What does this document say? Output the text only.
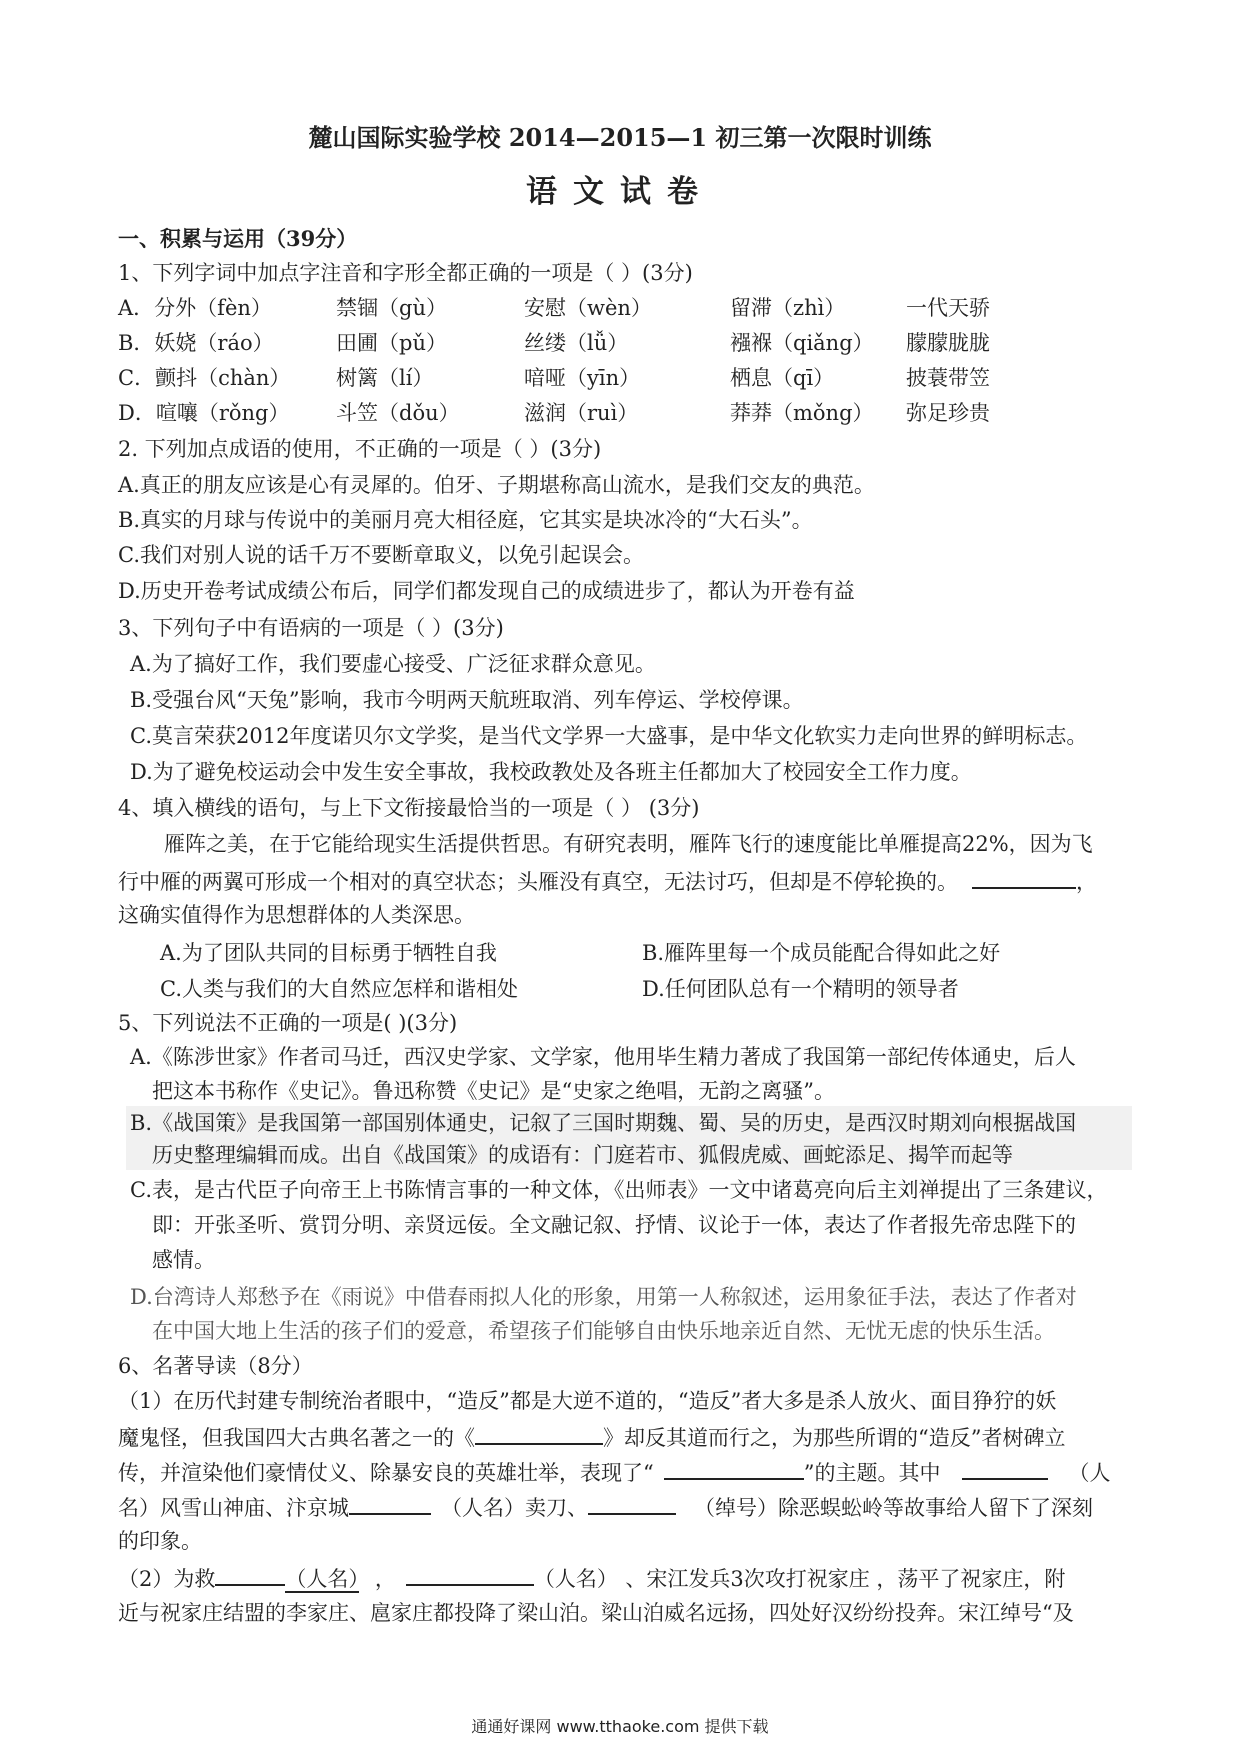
麓山国际实验学校 2014—2015—1 初三第一次限时训练
语文试卷
一、积累与运用（39分）
1、下列字词中加点字注音和字形全都正确的一项是（ ）(3分)
A．分外（fèn）	禁锢（gù）	安慰（wèn）	留滞（zhì）	一代天骄
B．妖娆（ráo）	田圃（pǔ）	丝缕（lǚ）	襁褓（qiǎng） 朦朦胧胧
C．颤抖（chàn） 树篱（lí）	喑哑（yīn）	栖息（qī）	披蓑带笠
D．喧嚷（rǒng） 斗笠（dǒu）	滋润（ruì）	莽莽（mǒng） 弥足珍贵
2. 下列加点成语的使用，不正确的一项是（ ）(3分)
A.真正的朋友应该是心有灵犀的。伯牙、子期堪称高山流水，是我们交友的典范。
B.真实的月球与传说中的美丽月亮大相径庭，它其实是块冰冷的“大石头”。
C.我们对别人说的话千万不要断章取义，以免引起误会。
D.历史开卷考试成绩公布后，同学们都发现自己的成绩进步了，都认为开卷有益
3、下列句子中有语病的一项是（ ）(3分)
A.为了搞好工作，我们要虚心接受、广泛征求群众意见。
B.受强台风“天兔”影响，我市今明两天航班取消、列车停运、学校停课。
C.莫言荣获2012年度诺贝尔文学奖，是当代文学界一大盛事，是中华文化软实力走向世界的鲜明标志。
D.为了避免校运动会中发生安全事故，我校政教处及各班主任都加大了校园安全工作力度。
4、填入横线的语句，与上下文衔接最恰当的一项是（ ） (3分)
雁阵之美，在于它能给现实生活提供哲思。有研究表明，雁阵飞行的速度能比单雁提高22%，因为飞
行中雁的两翼可形成一个相对的真空状态；头雁没有真空，无法讨巧，但却是不停轮换的。	，
这确实值得作为思想群体的人类深思。
A.为了团队共同的目标勇于牺牲自我	B.雁阵里每一个成员能配合得如此之好
C.人类与我们的大自然应怎样和谐相处	D.任何团队总有一个精明的领导者
5、下列说法不正确的一项是( )(3分)
A.《陈涉世家》作者司马迁，西汉史学家、文学家，他用毕生精力著成了我国第一部纪传体通史，后人
把这本书称作《史记》。鲁迅称赞《史记》是“史家之绝唱，无韵之离骚”。
B.《战国策》是我国第一部国别体通史，记叙了三国时期魏、蜀、吴的历史，是西汉时期刘向根据战国
历史整理编辑而成。出自《战国策》的成语有：门庭若市、狐假虎威、画蛇添足、揭竿而起等
C.表，是古代臣子向帝王上书陈情言事的一种文体，《出师表》一文中诸葛亮向后主刘禅提出了三条建议，
即：开张圣听、赏罚分明、亲贤远佞。全文融记叙、抒情、议论于一体，表达了作者报先帝忠陛下的
感情。
D.台湾诗人郑愁予在《雨说》中借春雨拟人化的形象，用第一人称叙述，运用象征手法，表达了作者对
在中国大地上生活的孩子们的爱意，希望孩子们能够自由快乐地亲近自然、无忧无虑的快乐生活。
6、名著导读（8分）
（1）在历代封建专制统治者眼中，“造反”都是大逆不道的，“造反”者大多是杀人放火、面目狰狞的妖
魔鬼怪，但我国四大古典名著之一的《	》却反其道而行之，为那些所谓的“造反”者树碑立
传，并渲染他们豪情仗义、除暴安良的英雄壮举，表现了“	”的主题。其中	（人
名）风雪山神庙、汴京城	（人名）卖刀、	（绰号）除恶蜈蚣岭等故事给人留下了深刻
的印象。
（2）为救	（人名） ，	（人名） 、宋江发兵3次攻打祝家庄 ，荡平了祝家庄，附
近与祝家庄结盟的李家庄、扈家庄都投降了梁山泊。梁山泊威名远扬，四处好汉纷纷投奔。宋江绰号“及
通通好课网 www.tthaoke.com 提供下载
